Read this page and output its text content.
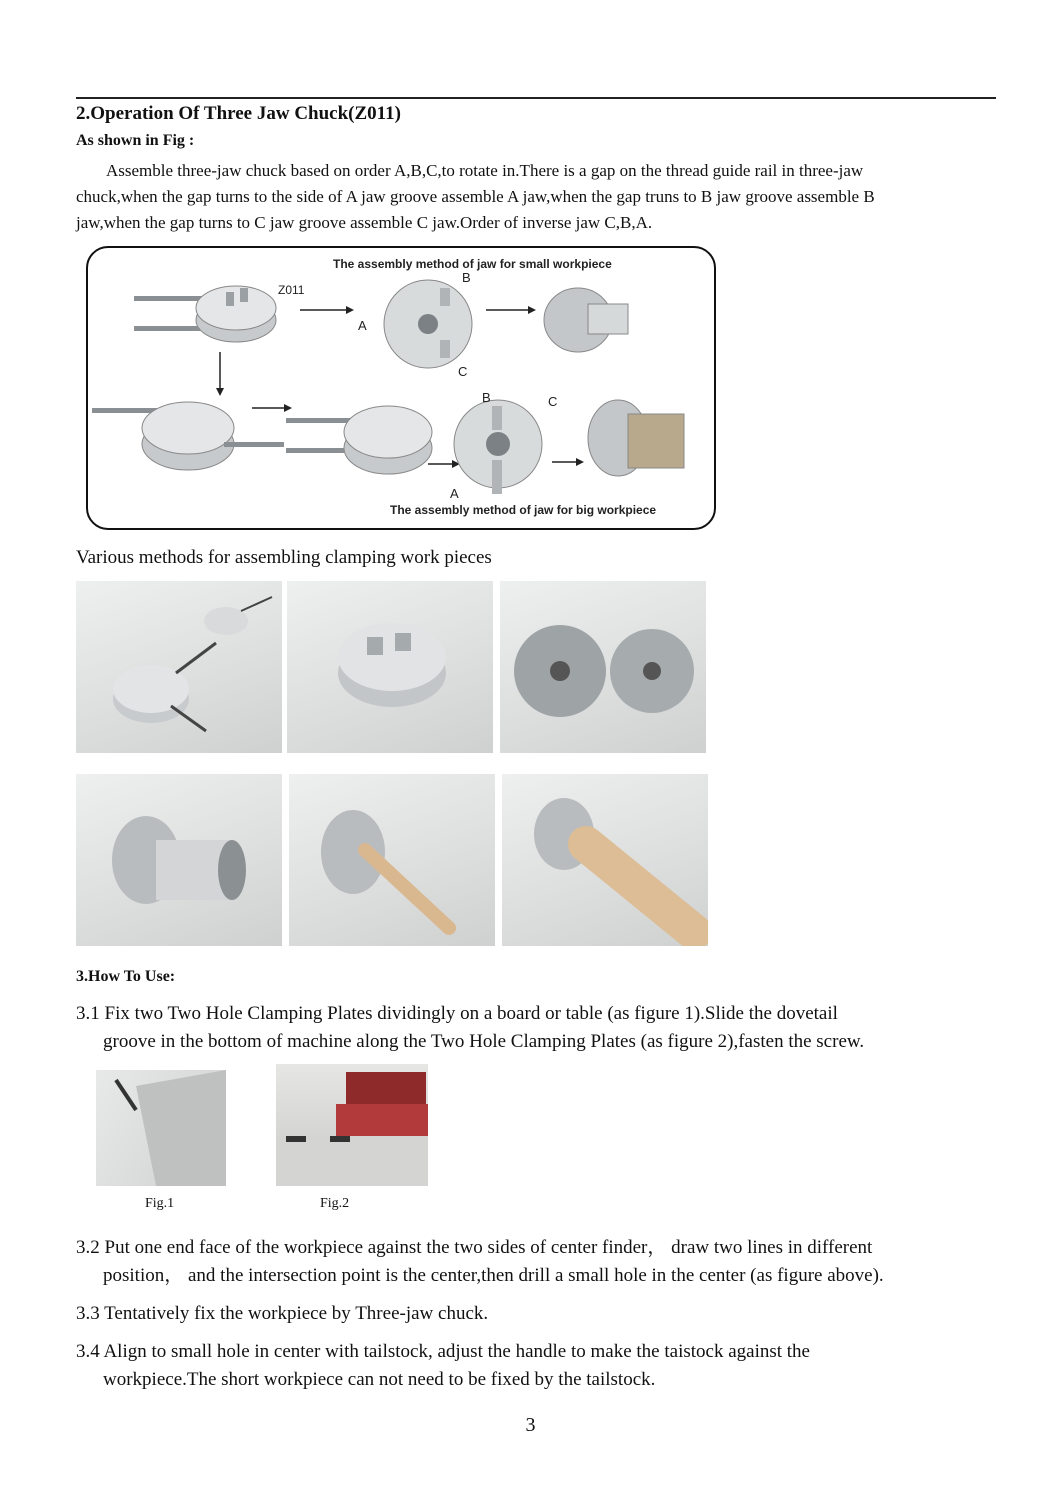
2.Operation Of Three Jaw Chuck(Z011)
As shown in Fig :
Assemble three-jaw chuck based on order A,B,C,to rotate in.There is a gap on the thread guide rail in three-jaw
chuck,when the gap turns to the side of A jaw groove assemble A jaw,when the gap truns to B jaw groove assemble B
jaw,when the gap turns to C jaw groove assemble C jaw.Order of inverse jaw C,B,A.
The assembly method of jaw for small workpiece
The assembly method of jaw for big workpiece
Z011
A
B
C
B	C
A
Various methods for assembling clamping work pieces
3.How To Use:
3.1 Fix two Two Hole Clamping Plates dividingly on a board or table (as figure 1).Slide the dovetail
groove in the bottom of machine along the Two Hole Clamping Plates (as figure 2),fasten the screw.
Fig.1	Fig.2
3.2 Put one end face of the workpiece against the two sides of center finder， draw two lines in different
position， and the intersection point is the center,then drill a small hole in the center (as figure above).
3.3 Tentatively fix the workpiece by Three-jaw chuck.
3.4 Align to small hole in center with tailstock, adjust the handle to make the taistock against the
workpiece.The short workpiece can not need to be fixed by the tailstock.
3
